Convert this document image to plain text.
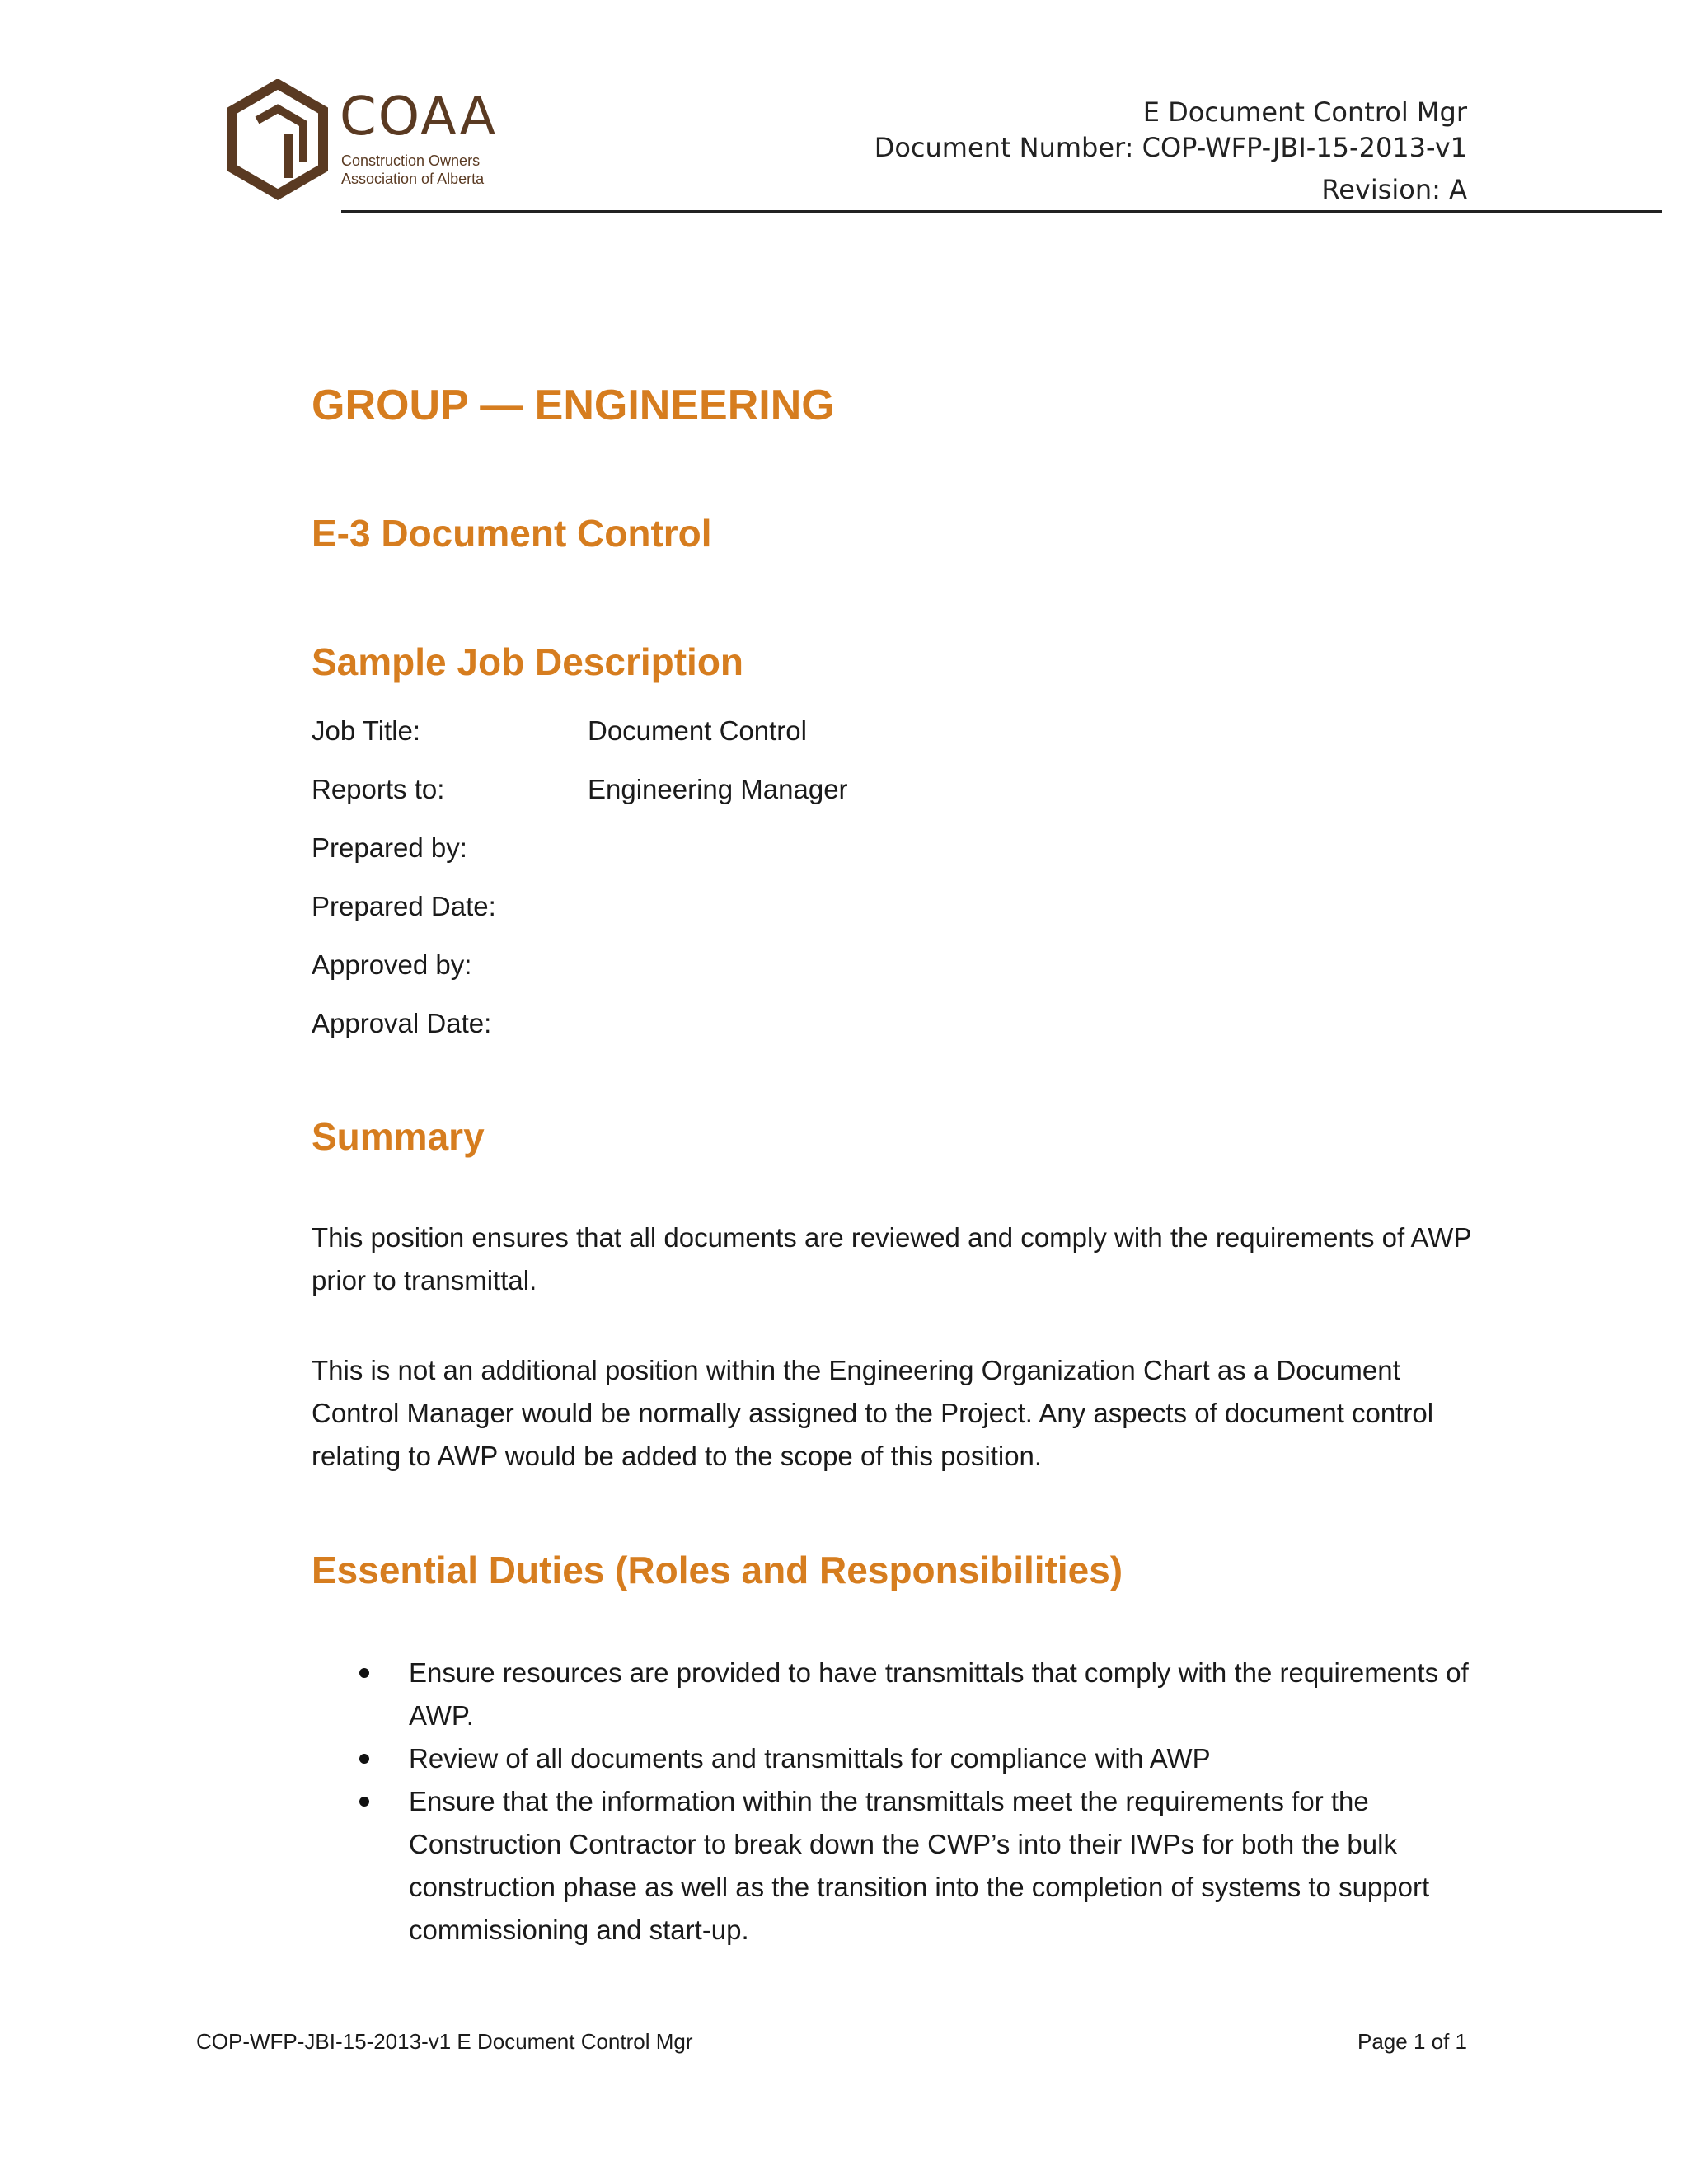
COAA
Construction Owners
Association of Alberta
E Document Control Mgr
Document Number: COP-WFP-JBI-15-2013-v1
Revision: A
GROUP — ENGINEERING
E-3 Document Control
Sample Job Description
Job Title:	Document Control
Reports to:	Engineering Manager
Prepared by:
Prepared Date:
Approved by:
Approval Date:
Summary
This position ensures that all documents are reviewed and comply with the requirements of AWP prior to transmittal.
This is not an additional position within the Engineering Organization Chart as a Document Control Manager would be normally assigned to the Project. Any aspects of document control relating to AWP would be added to the scope of this position.
Essential Duties (Roles and Responsibilities)
Ensure resources are provided to have transmittals that comply with the requirements of AWP.
Review of all documents and transmittals for compliance with AWP
Ensure that the information within the transmittals meet the requirements for the Construction Contractor to break down the CWP’s into their IWPs for both the bulk construction phase as well as the transition into the completion of systems to support commissioning and start-up.
COP-WFP-JBI-15-2013-v1 E Document Control Mgr	Page 1 of 1
